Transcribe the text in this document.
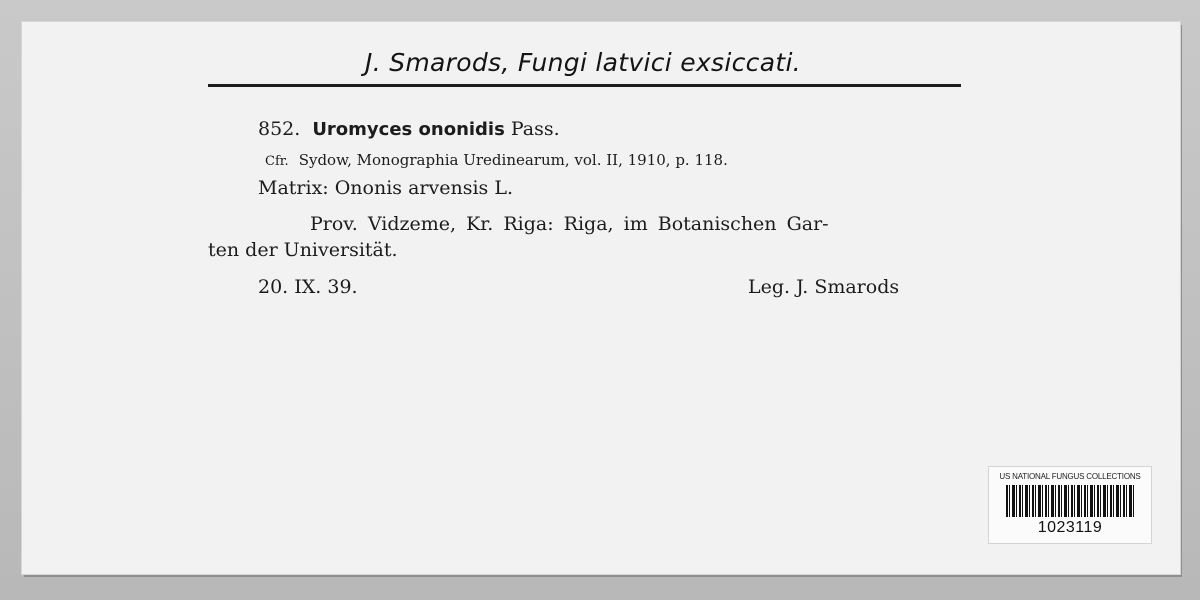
J. Smarods, Fungi latvici exsiccati.
852. Uromyces ononidis Pass.
Cfr. Sydow, Monographia Uredinearum, vol. II, 1910, p. 118.
Matrix: Ononis arvensis L.
Prov. Vidzeme, Kr. Riga: Riga, im Botanischen Gar-
ten der Universität.
20. IX. 39.	Leg. J. Smarods
US NATIONAL FUNGUS COLLECTIONS
1023119
